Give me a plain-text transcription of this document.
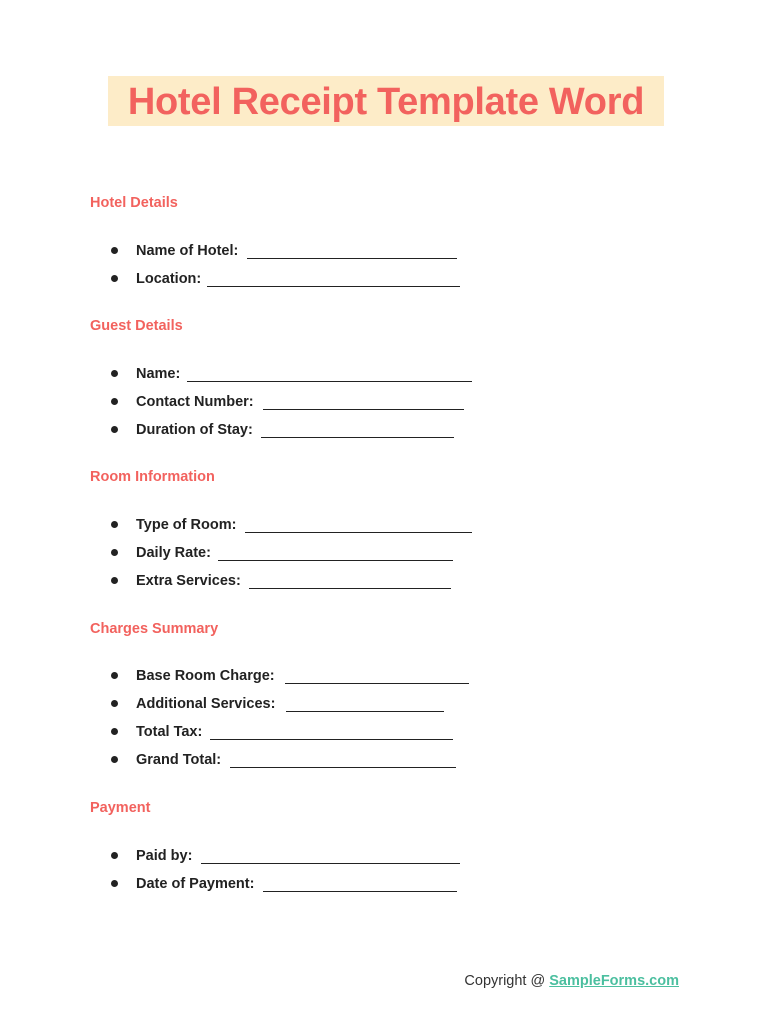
Hotel Receipt Template Word
Hotel Details
Name of Hotel:
Location:
Guest Details
Name:
Contact Number:
Duration of Stay:
Room Information
Type of Room:
Daily Rate:
Extra Services:
Charges Summary
Base Room Charge:
Additional Services:
Total Tax:
Grand Total:
Payment
Paid by:
Date of Payment:
Copyright @ SampleForms.com
